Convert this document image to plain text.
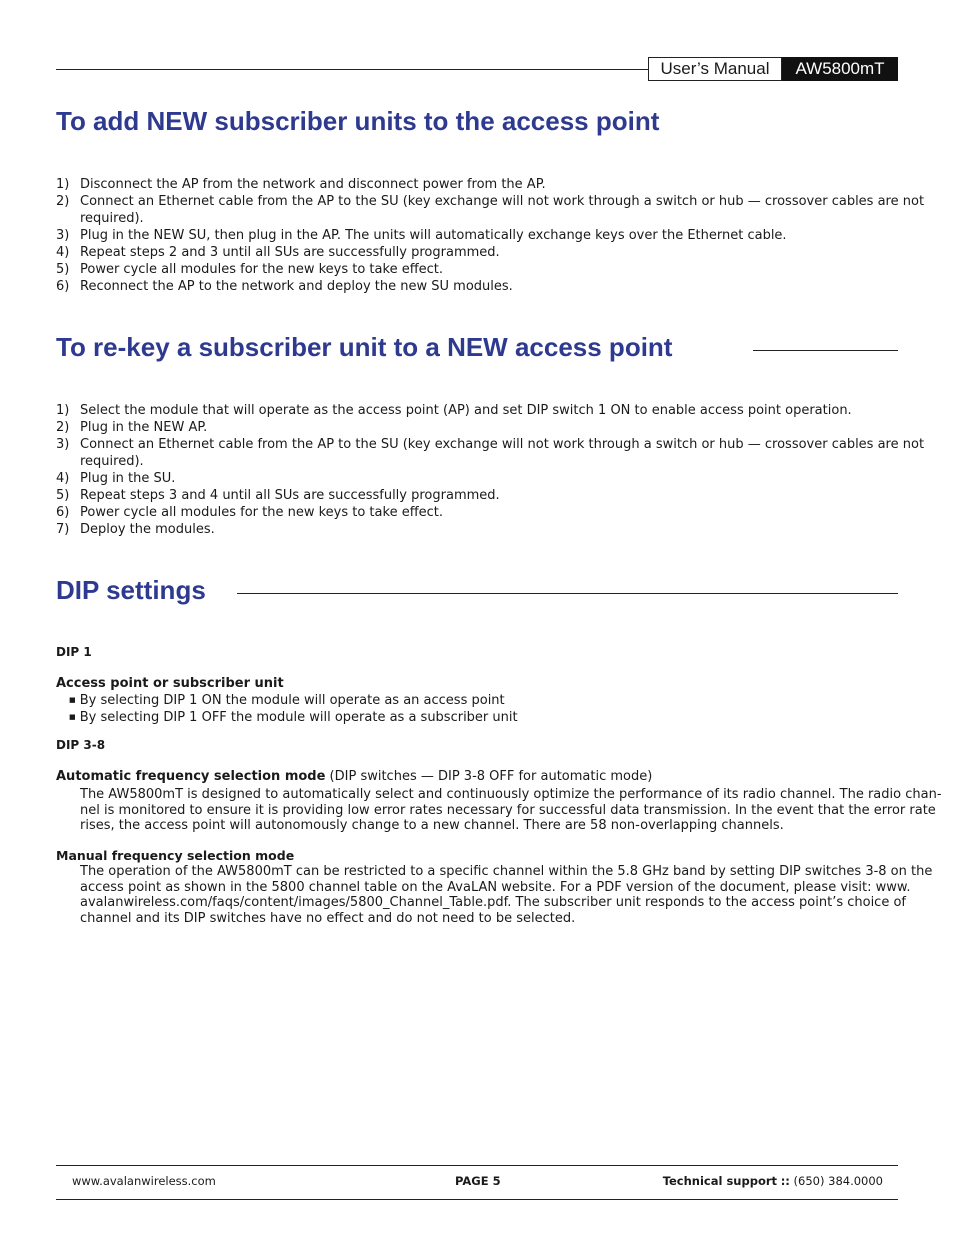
User’s Manual	AW5800mT
To add NEW subscriber units to the access point
1) Disconnect the AP from the network and disconnect power from the AP.
2) Connect an Ethernet cable from the AP to the SU (key exchange will not work through a switch or hub — crossover cables are not
required).
3) Plug in the NEW SU, then plug in the AP. The units will automatically exchange keys over the Ethernet cable.
4) Repeat steps 2 and 3 until all SUs are successfully programmed.
5) Power cycle all modules for the new keys to take effect.
6) Reconnect the AP to the network and deploy the new SU modules.
To re-key a subscriber unit to a NEW access point
1) Select the module that will operate as the access point (AP) and set DIP switch 1 ON to enable access point operation.
2) Plug in the NEW AP.
3) Connect an Ethernet cable from the AP to the SU (key exchange will not work through a switch or hub — crossover cables are not
required).
4) Plug in the SU.
5) Repeat steps 3 and 4 until all SUs are successfully programmed.
6) Power cycle all modules for the new keys to take effect.
7) Deploy the modules.
DIP settings
DIP 1
Access point or subscriber unit
■ By selecting DIP 1 ON the module will operate as an access point
■ By selecting DIP 1 OFF the module will operate as a subscriber unit
DIP 3-8
Automatic frequency selection mode (DIP switches — DIP 3-8 OFF for automatic mode)
The AW5800mT is designed to automatically select and continuously optimize the performance of its radio channel. The radio chan-
nel is monitored to ensure it is providing low error rates necessary for successful data transmission. In the event that the error rate
rises, the access point will autonomously change to a new channel. There are 58 non-overlapping channels.
Manual frequency selection mode
The operation of the AW5800mT can be restricted to a specific channel within the 5.8 GHz band by setting DIP switches 3-8 on the
access point as shown in the 5800 channel table on the AvaLAN website. For a PDF version of the document, please visit: www.
avalanwireless.com/faqs/content/images/5800_Channel_Table.pdf. The subscriber unit responds to the access point’s choice of
channel and its DIP switches have no effect and do not need to be selected.
www.avalanwireless.com	PAGE 5	Technical support :: (650) 384.0000
